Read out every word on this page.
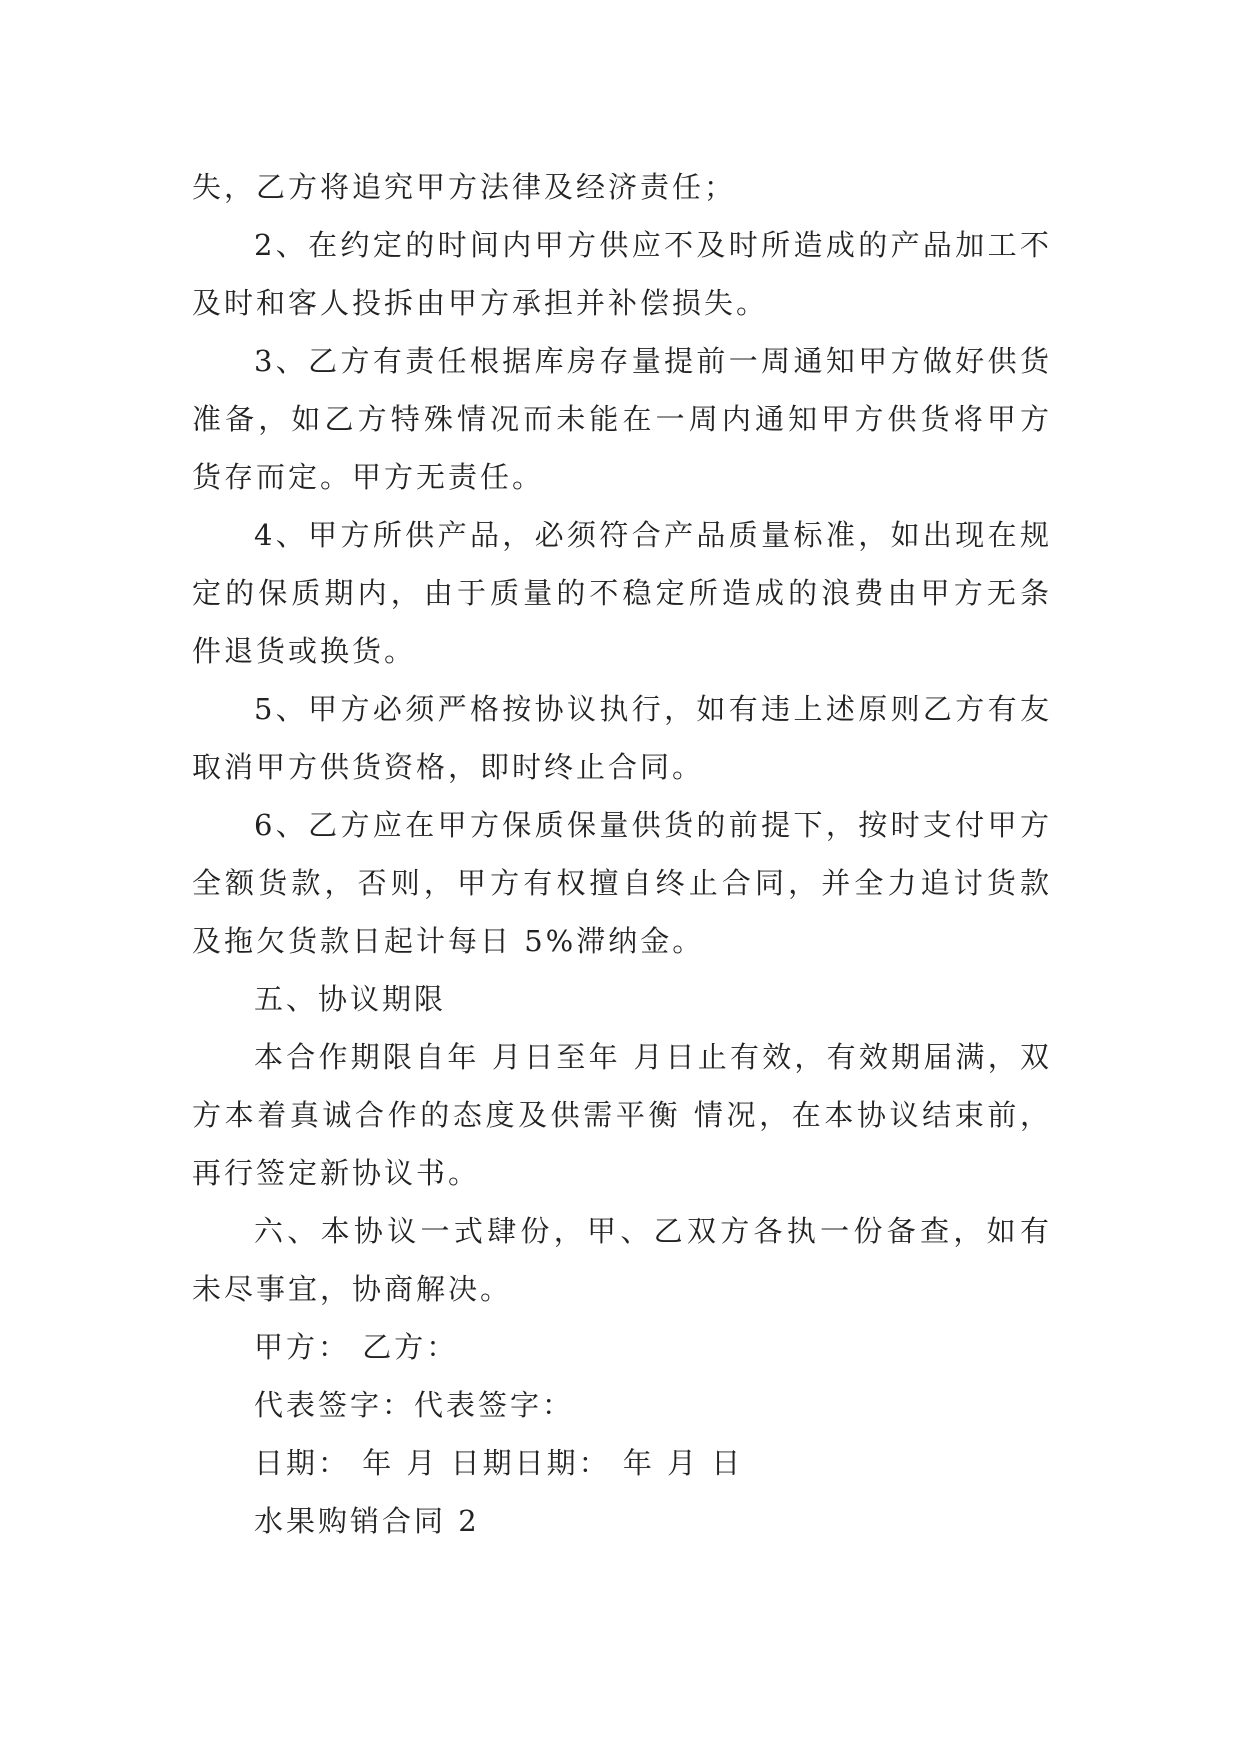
失，乙方将追究甲方法律及经济责任；

2、在约定的时间内甲方供应不及时所造成的产品加工不及时和客人投拆由甲方承担并补偿损失。

3、乙方有责任根据库房存量提前一周通知甲方做好供货准备，如乙方特殊情况而未能在一周内通知甲方供货将甲方货存而定。甲方无责任。

4、甲方所供产品，必须符合产品质量标准，如出现在规定的保质期内，由于质量的不稳定所造成的浪费由甲方无条件退货或换货。

5、甲方必须严格按协议执行，如有违上述原则乙方有友取消甲方供货资格，即时终止合同。

6、乙方应在甲方保质保量供货的前提下，按时支付甲方全额货款，否则，甲方有权擅自终止合同，并全力追讨货款及拖欠货款日起计每日 5%滞纳金。

五、协议期限

本合作期限自年 月日至年 月日止有效，有效期届满，双方本着真诚合作的态度及供需平衡 情况，在本协议结束前，再行签定新协议书。

六、本协议一式肆份，甲、乙双方各执一份备查，如有未尽事宜，协商解决。

甲方： 乙方：

代表签字：代表签字：

日期： 年 月 日期日期： 年 月 日

水果购销合同 2
